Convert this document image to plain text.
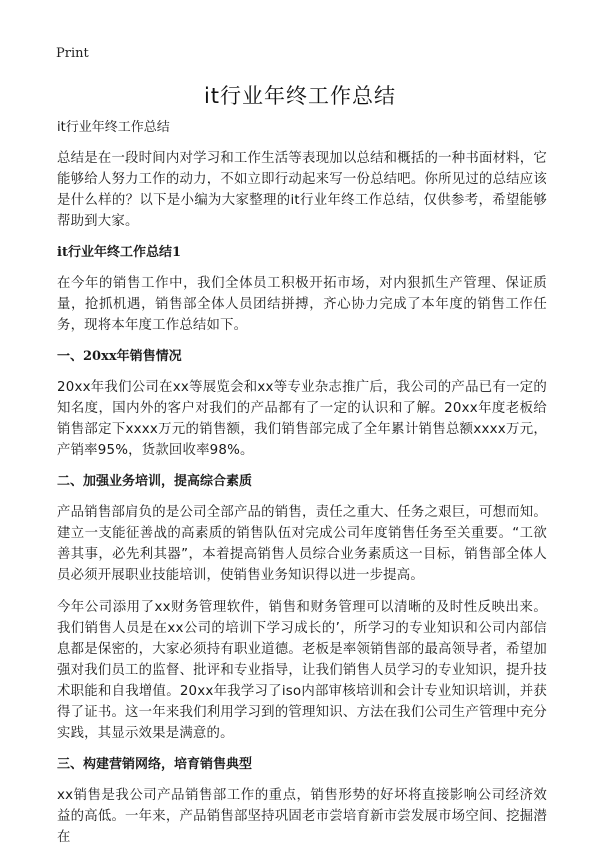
Print
it行业年终工作总结
it行业年终工作总结

总结是在一段时间内对学习和工作生活等表现加以总结和概括的一种书面材料，它能够给人努力工作的动力，不如立即行动起来写一份总结吧。你所见过的总结应该是什么样的？以下是小编为大家整理的it行业年终工作总结，仅供参考，希望能够帮助到大家。

it行业年终工作总结1

在今年的销售工作中，我们全体员工积极开拓市场，对内狠抓生产管理、保证质量，抢抓机遇，销售部全体人员团结拼搏，齐心协力完成了本年度的销售工作任务，现将本年度工作总结如下。

一、20xx年销售情况

20xx年我们公司在xx等展览会和xx等专业杂志推广后，我公司的产品已有一定的知名度，国内外的客户对我们的产品都有了一定的认识和了解。20xx年度老板给销售部定下xxxx万元的销售额，我们销售部完成了全年累计销售总额xxxx万元，产销率95%，货款回收率98%。

二、加强业务培训，提高综合素质

产品销售部肩负的是公司全部产品的销售，责任之重大、任务之艰巨，可想而知。建立一支能征善战的高素质的销售队伍对完成公司年度销售任务至关重要。“工欲善其事，必先利其器”，本着提高销售人员综合业务素质这一目标，销售部全体人员必须开展职业技能培训，使销售业务知识得以进一步提高。

今年公司添用了xx财务管理软件，销售和财务管理可以清晰的及时性反映出来。我们销售人员是在xx公司的培训下学习成长的’，所学习的专业知识和公司内部信息都是保密的，大家必须持有职业道德。老板是率领销售部的最高领导者，希望加强对我们员工的监督、批评和专业指导，让我们销售人员学习的专业知识，提升技术职能和自我增值。20xx年我学习了iso内部审核培训和会计专业知识培训，并获得了证书。这一年来我们利用学习到的管理知识、方法在我们公司生产管理中充分实践，其显示效果是满意的。

三、构建营销网络，培育销售典型

xx销售是我公司产品销售部工作的重点，销售形势的好坏将直接影响公司经济效益的高低。一年来，产品销售部坚持巩固老市尝培育新市尝发展市场空间、挖掘潜在
